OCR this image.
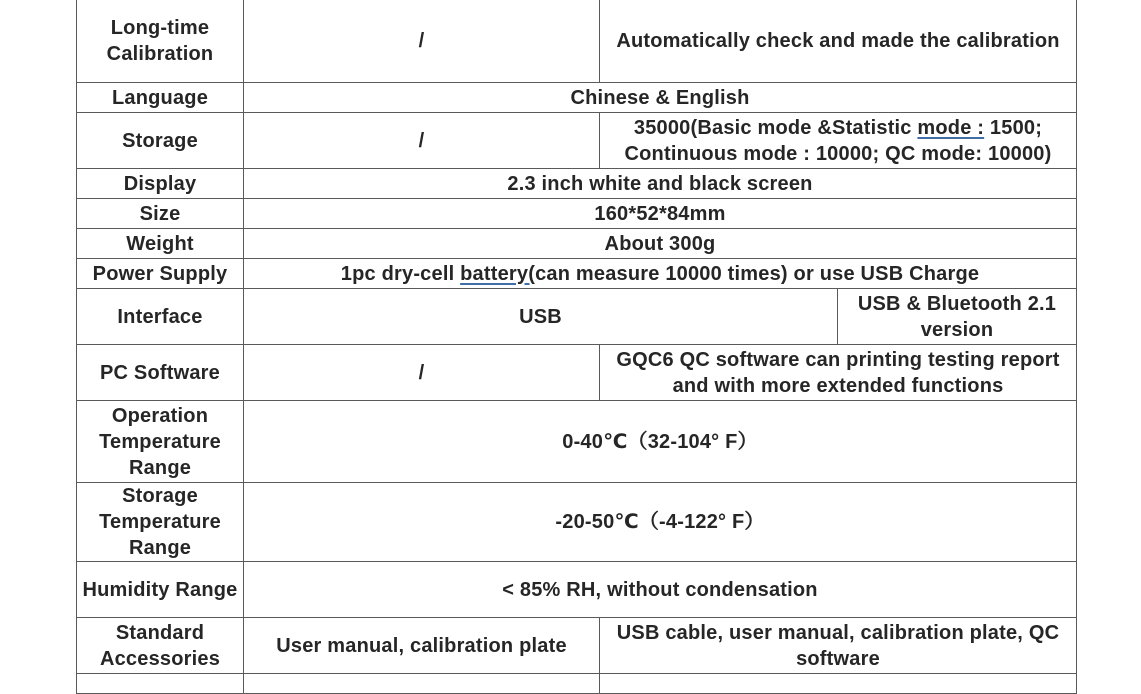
Long-time Calibration	/	Automatically check and made the calibration	
Language	Chinese & English		
Storage	/	35000(Basic mode &Statistic mode : 1500; Continuous mode : 10000; QC mode: 10000)	
Display	2.3 inch white and black screen		
Size	160*52*84mm		
Weight	About 300g		
Power Supply	1pc dry-cell battery(can measure 10000 times) or use USB Charge		
Interface	USB		USB & Bluetooth 2.1 version
PC Software	/	GQC6 QC software can printing testing report and with more extended functions	
Operation Temperature Range	0-40℃（32-104° F）		
Storage Temperature Range	-20-50℃（-4-122° F）		
Humidity Range	< 85% RH, without condensation		
Standard Accessories	User manual, calibration plate	USB cable, user manual, calibration plate, QC software	
